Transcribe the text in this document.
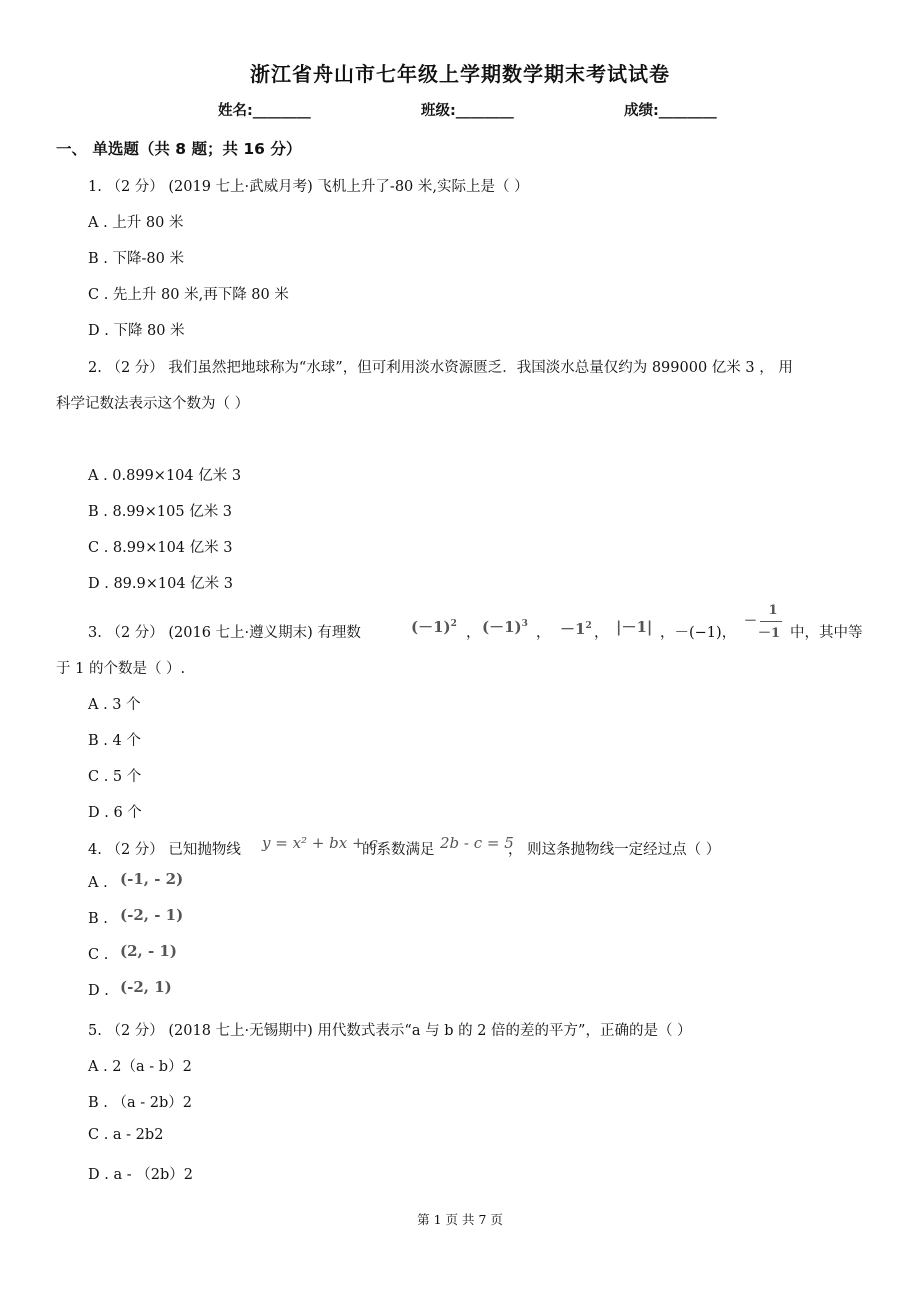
浙江省舟山市七年级上学期数学期末考试试卷
姓名:________	班级:________	成绩:________
一、 单选题（共 8 题；共 16 分）
1. （2 分） (2019 七上·武威月考) 飞机上升了-80 米,实际上是（ ）
A . 上升 80 米
B . 下降-80 米
C . 先上升 80 米,再下降 80 米
D . 下降 80 米
2. （2 分） 我们虽然把地球称为“水球”，但可利用淡水资源匮乏．我国淡水总量仅约为 899000 亿米 3 ， 用
科学记数法表示这个数为（ ）
A . 0.899×104 亿米 3
B . 8.99×105 亿米 3
C . 8.99×104 亿米 3
D . 89.9×104 亿米 3
3. （2 分） (2016 七上·遵义期末) 有理数	$(-1)^2$
， $(-1)^3$
， $-1^2$ ， |－1| ，－(−1)，
－
1
－1 中，其中等
于 1 的个数是（ ）.
A . 3 个
B . 4 个
C . 5 个
D . 6 个
4. （2 分） 已知抛物线 y = x² + bx + c
的系数满足 2b - c = 5
， 则这条抛物线一定经过点（ ）
A . (-1, - 2)
B . (-2, - 1)
C . (2, - 1)
D . (-2, 1)
5. （2 分） (2018 七上·无锡期中) 用代数式表示“a 与 b 的 2 倍的差的平方”，正确的是（ ）
A . 2（a - b）2
B . （a - 2b）2
C . a - 2b2
D . a - （2b）2
第 1 页 共 7 页
